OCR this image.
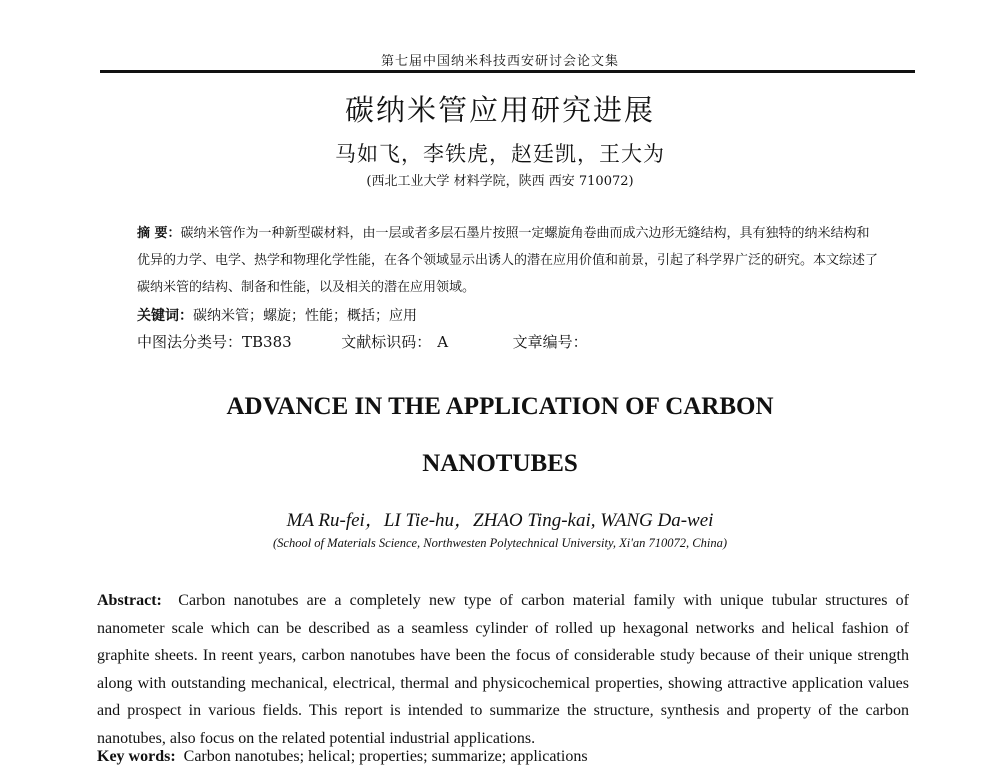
第七届中国纳米科技西安研讨会论文集
碳纳米管应用研究进展
马如飞，李铁虎，赵廷凯，王大为
(西北工业大学 材料学院，陕西 西安 710072)
摘 要：碳纳米管作为一种新型碳材料，由一层或者多层石墨片按照一定螺旋角卷曲而成六边形无缝结构，具有独特的纳米结构和优异的力学、电学、热学和物理化学性能，在各个领域显示出诱人的潜在应用价值和前景，引起了科学界广泛的研究。本文综述了碳纳米管的结构、制备和性能，以及相关的潜在应用领域。
关键词：碳纳米管；螺旋；性能；概括；应用
中图法分类号：TB383	文献标识码： A	文章编号：
ADVANCE IN THE APPLICATION OF CARBON
NANOTUBES
MA Ru-fei，LI Tie-hu，ZHAO Ting-kai, WANG Da-wei
(School of Materials Science, Northwesten Polytechnical University, Xi'an 710072, China)
Abstract: Carbon nanotubes are a completely new type of carbon material family with unique tubular structures of nanometer scale which can be described as a seamless cylinder of rolled up hexagonal networks and helical fashion of graphite sheets. In reent years, carbon nanotubes have been the focus of considerable study because of their unique strength along with outstanding mechanical, electrical, thermal and physicochemical properties, showing attractive application values and prospect in various fields. This report is intended to summarize the structure, synthesis and property of the carbon nanotubes, also focus on the related potential industrial applications.
Key words: Carbon nanotubes; helical; properties; summarize; applications
